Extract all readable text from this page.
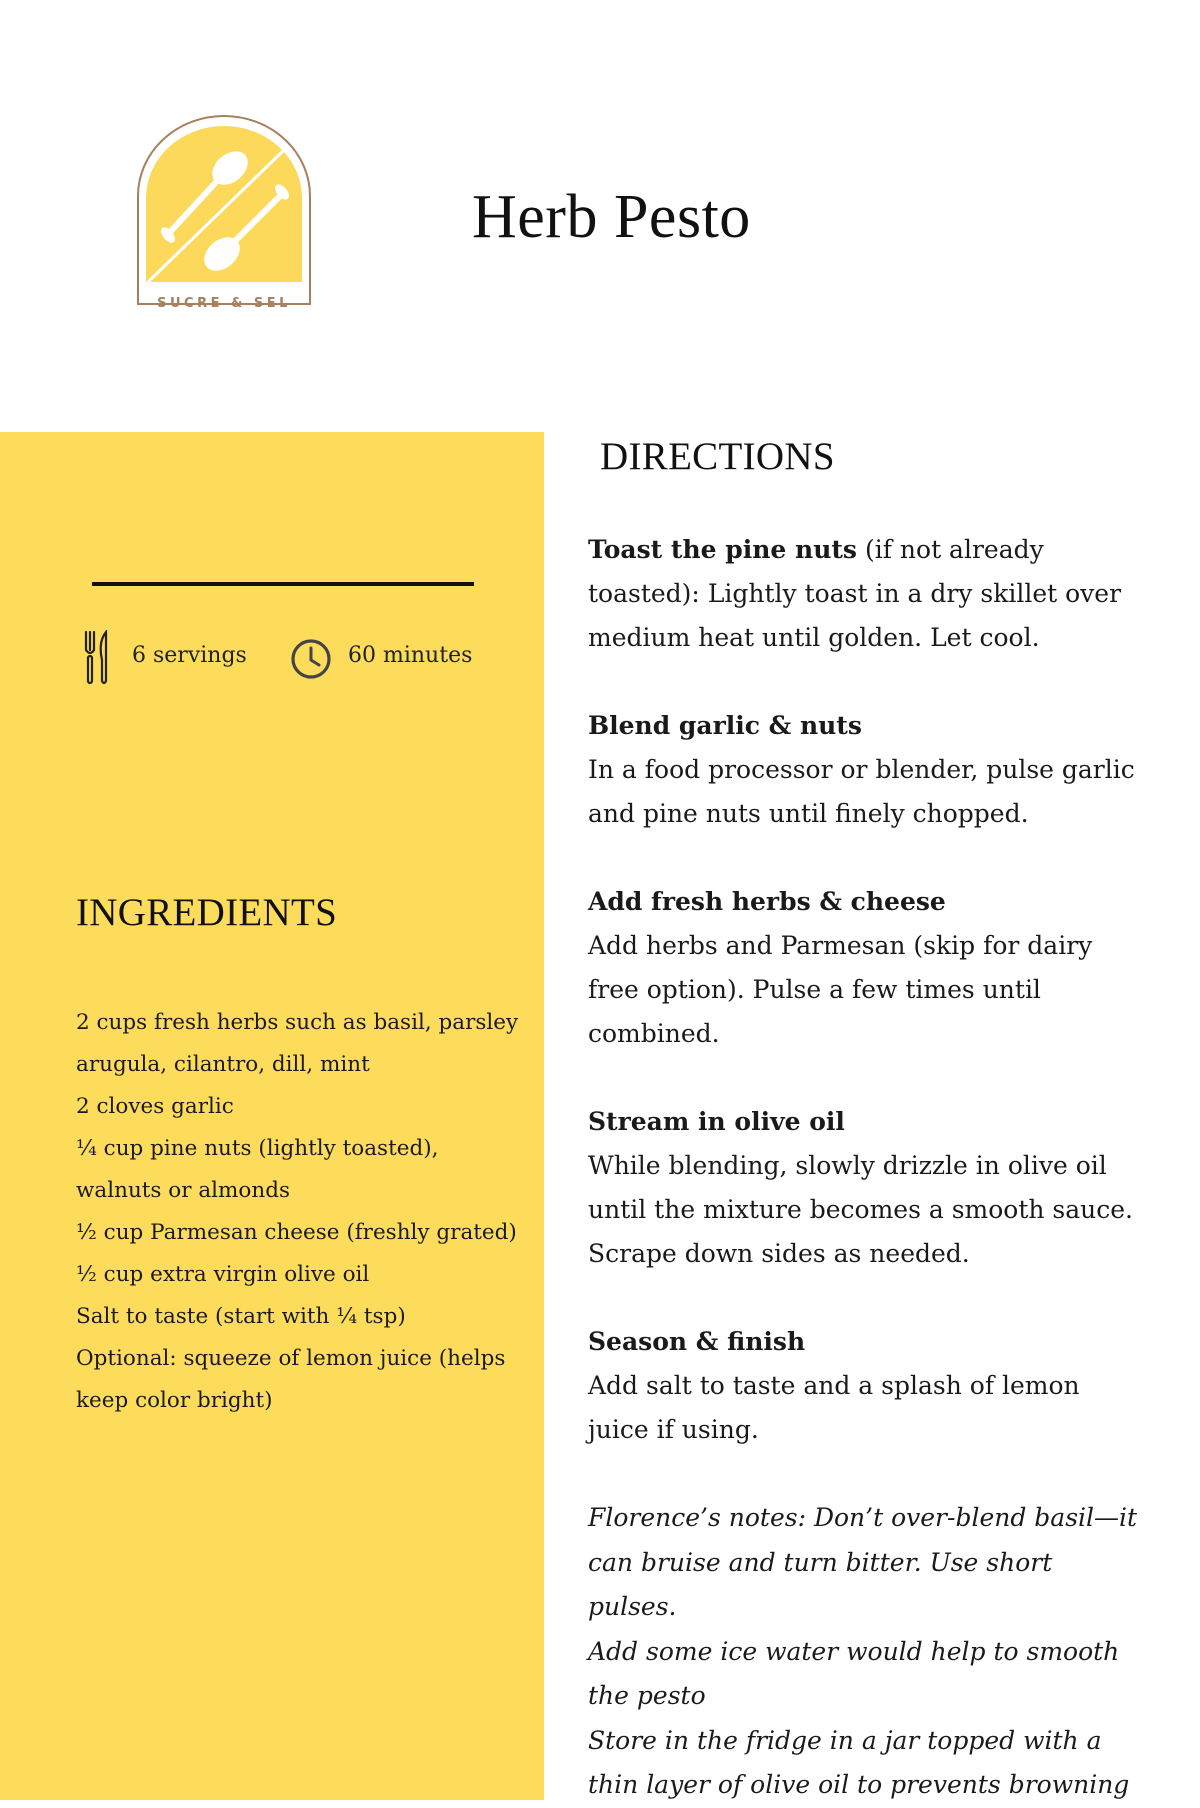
SUCRE & SEL
Herb Pesto
6 servings	60 minutes
INGREDIENTS
2 cups fresh herbs such as basil, parsley arugula, cilantro, dill, mint
2 cloves garlic
¼ cup pine nuts (lightly toasted), walnuts or almonds
½ cup Parmesan cheese (freshly grated)
½ cup extra virgin olive oil
Salt to taste (start with ¼ tsp)
Optional: squeeze of lemon juice (helps keep color bright)
DIRECTIONS

Toast the pine nuts (if not already toasted): Lightly toast in a dry skillet over medium heat until golden. Let cool.

Blend garlic & nuts
In a food processor or blender, pulse garlic and pine nuts until finely chopped.

Add fresh herbs & cheese
Add herbs and Parmesan (skip for dairy free option). Pulse a few times until combined.

Stream in olive oil
While blending, slowly drizzle in olive oil until the mixture becomes a smooth sauce. Scrape down sides as needed.

Season & finish
Add salt to taste and a splash of lemon juice if using.

Florence’s notes: Don’t over-blend basil—it can bruise and turn bitter. Use short pulses.
Add some ice water would help to smooth the pesto
Store in the fridge in a jar topped with a thin layer of olive oil to prevents browning
